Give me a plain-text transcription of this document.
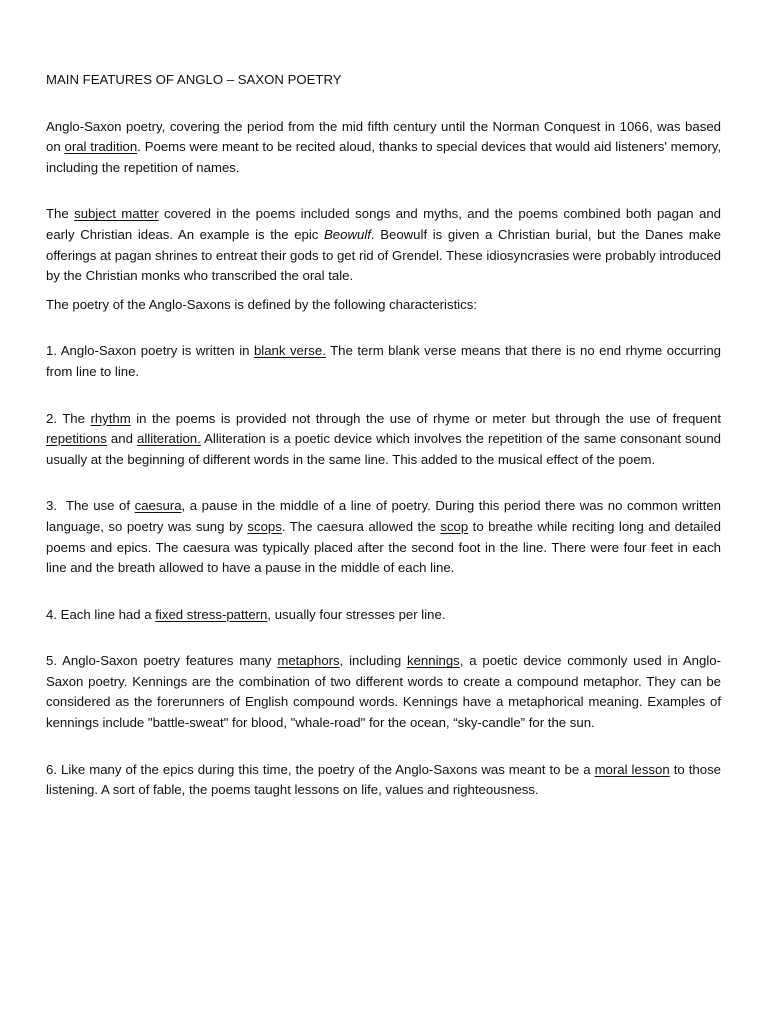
MAIN FEATURES OF ANGLO – SAXON POETRY

Anglo-Saxon poetry, covering the period from the mid fifth century until the Norman Conquest in 1066, was based on oral tradition. Poems were meant to be recited aloud, thanks to special devices that would aid listeners' memory, including the repetition of names.

The subject matter covered in the poems included songs and myths, and the poems combined both pagan and early Christian ideas. An example is the epic Beowulf. Beowulf is given a Christian burial, but the Danes make offerings at pagan shrines to entreat their gods to get rid of Grendel. These idiosyncrasies were probably introduced by the Christian monks who transcribed the oral tale.

The poetry of the Anglo-Saxons is defined by the following characteristics:

1. Anglo-Saxon poetry is written in blank verse. The term blank verse means that there is no end rhyme occurring from line to line.

2. The rhythm in the poems is provided not through the use of rhyme or meter but through the use of frequent repetitions and alliteration. Alliteration is a poetic device which involves the repetition of the same consonant sound usually at the beginning of different words in the same line. This added to the musical effect of the poem.

3.  The use of caesura, a pause in the middle of a line of poetry. During this period there was no common written language, so poetry was sung by scops. The caesura allowed the scop to breathe while reciting long and detailed poems and epics. The caesura was typically placed after the second foot in the line. There were four feet in each line and the breath allowed to have a pause in the middle of each line.

4. Each line had a fixed stress-pattern, usually four stresses per line.

5. Anglo-Saxon poetry features many metaphors, including kennings, a poetic device commonly used in Anglo-Saxon poetry. Kennings are the combination of two different words to create a compound metaphor. They can be considered as the forerunners of English compound words. Kennings have a metaphorical meaning. Examples of kennings include "battle-sweat" for blood, "whale-road" for the ocean, “sky-candle” for the sun.

6. Like many of the epics during this time, the poetry of the Anglo-Saxons was meant to be a moral lesson to those listening. A sort of fable, the poems taught lessons on life, values and righteousness.
